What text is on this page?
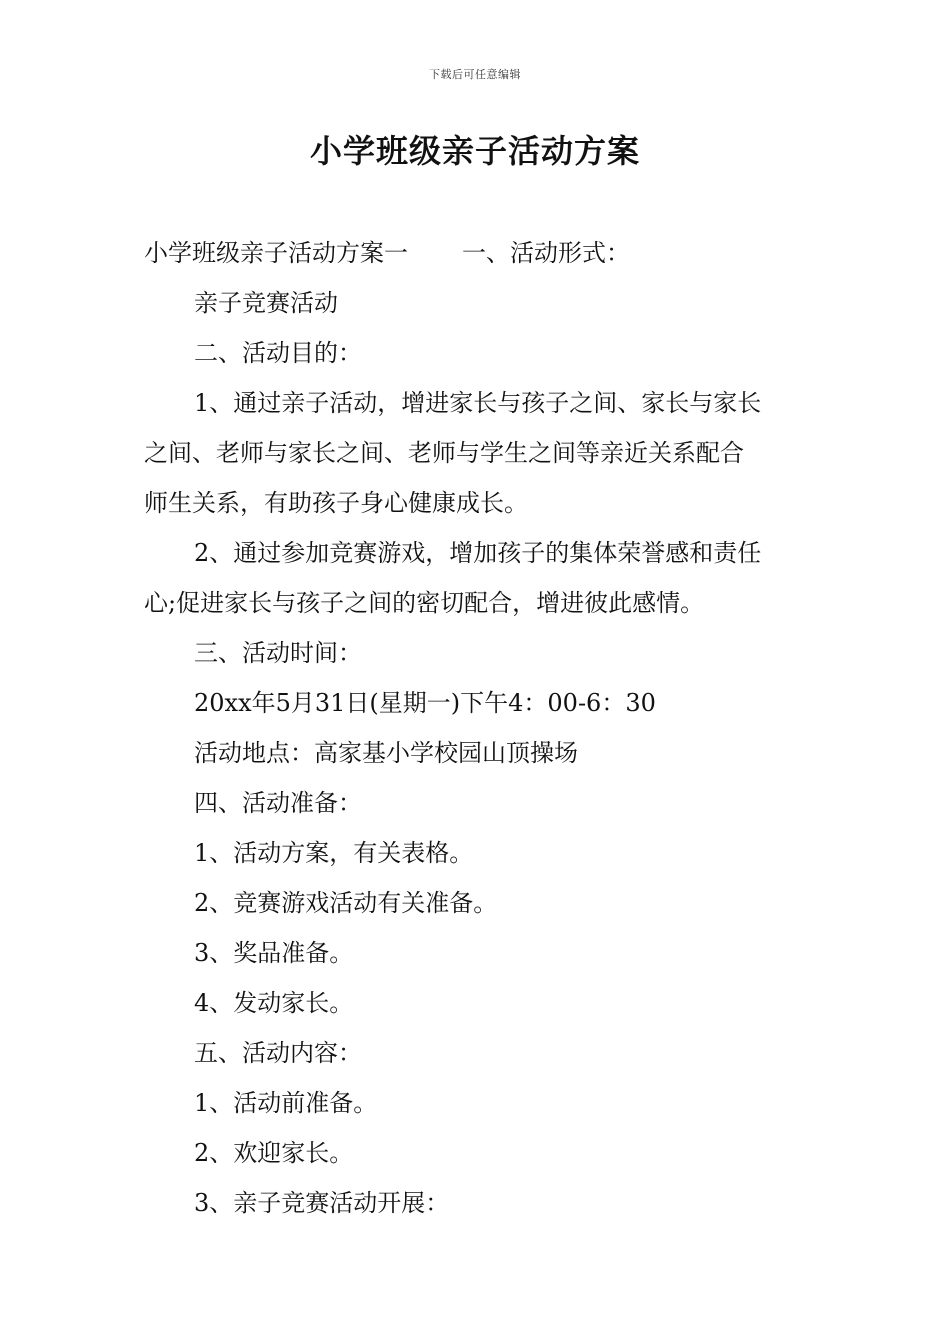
下载后可任意编辑
小学班级亲子活动方案
小学班级亲子活动方案一 一、活动形式：
亲子竞赛活动
二、活动目的：
1、通过亲子活动，增进家长与孩子之间、家长与家长
之间、老师与家长之间、老师与学生之间等亲近关系配合
师生关系，有助孩子身心健康成长。
2、通过参加竞赛游戏，增加孩子的集体荣誉感和责任
心;促进家长与孩子之间的密切配合，增进彼此感情。
三、活动时间：
20xx年5月31日(星期一)下午4：00-6：30
活动地点：高家基小学校园山顶操场
四、活动准备：
1、活动方案，有关表格。
2、竞赛游戏活动有关准备。
3、奖品准备。
4、发动家长。
五、活动内容：
1、活动前准备。
2、欢迎家长。
3、亲子竞赛活动开展：
